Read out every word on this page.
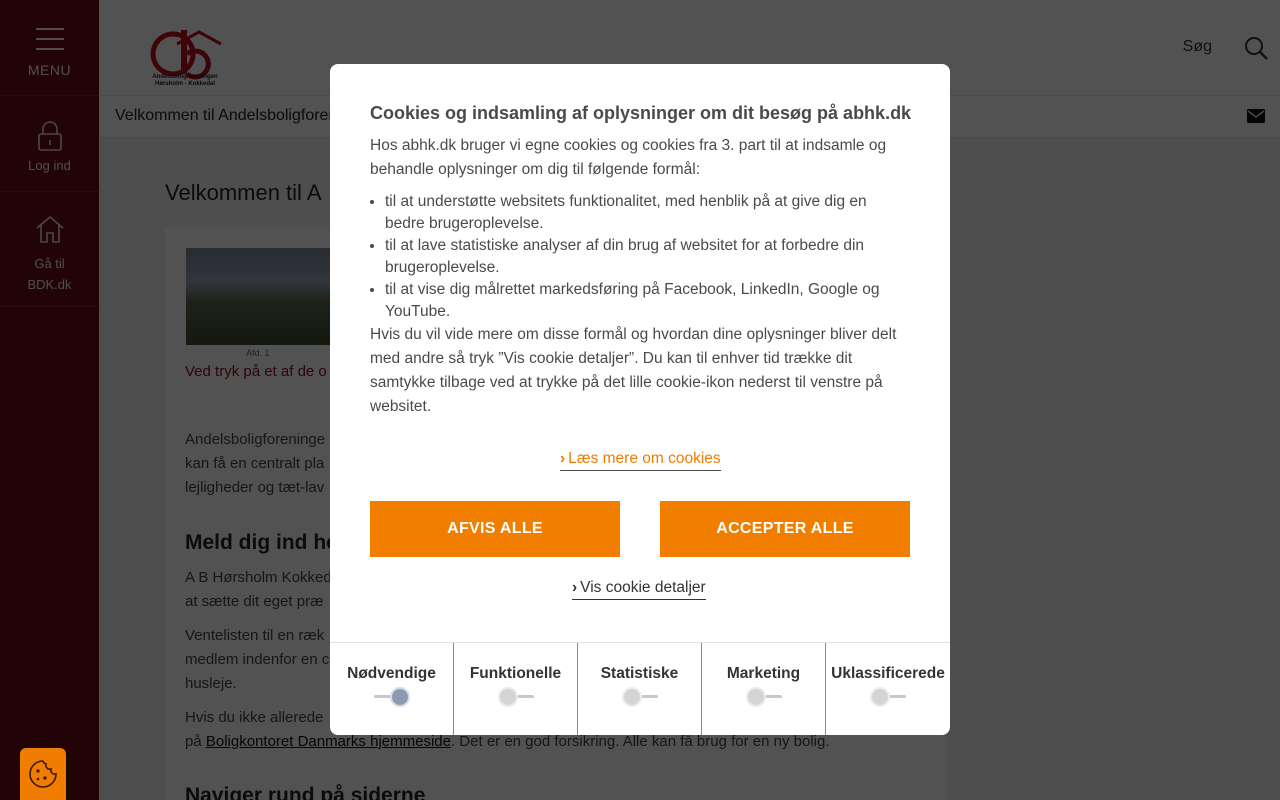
Cookies og indsamling af oplysninger om dit besøg på abhk.dk
Hos abhk.dk bruger vi egne cookies og cookies fra 3. part til at indsamle og behandle oplysninger om dig til følgende formål:
• til at understøtte websitets funktionalitet, med henblik på at give dig en bedre brugeroplevelse.
• til at lave statistiske analyser af din brug af websitet for at forbedre din brugeroplevelse.
• til at vise dig målrettet markedsføring på Facebook, LinkedIn, Google og YouTube.
Hvis du vil vide mere om disse formål og hvordan dine oplysninger bliver delt med andre så tryk ”Vis cookie detaljer”. Du kan til enhver tid trække dit samtykke tilbage ved at trykke på det lille cookie-ikon nederst til venstre på websitet.
› Læs mere om cookies
AFVIS ALLE	ACCEPTER ALLE
› Vis cookie detaljer
Nødvendige	Funktionelle	Statistiske	Marketing	Uklassificerede
